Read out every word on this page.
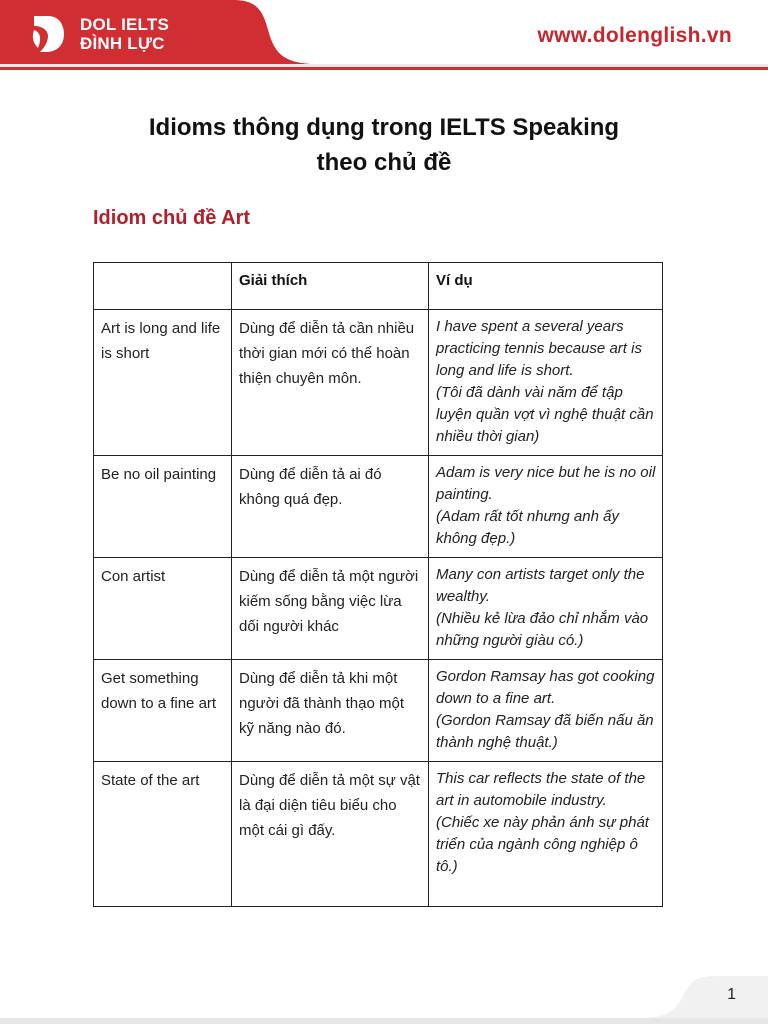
DOL IELTS
ĐÌNH LỰC	www.dolenglish.vn
Idioms thông dụng trong IELTS Speaking
theo chủ đề
Idiom chủ đề Art
	Giải thích	Ví dụ
Art is long and life is short	Dùng để diễn tả cần nhiều thời gian mới có thể hoàn thiện chuyên môn.	I have spent a several years practicing tennis because art is long and life is short.
(Tôi đã dành vài năm để tập luyện quần vợt vì nghệ thuật cần nhiều thời gian)

Be no oil painting	Dùng để diễn tả ai đó không quá đẹp.	Adam is very nice but he is no oil painting.
(Adam rất tốt nhưng anh ấy không đẹp.)

Con artist	Dùng để diễn tả một người kiếm sống bằng việc lừa dối người khác	Many con artists target only the wealthy.
(Nhiều kẻ lừa đảo chỉ nhắm vào những người giàu có.)

Get something down to a fine art	Dùng để diễn tả khi một người đã thành thạo một kỹ năng nào đó.	Gordon Ramsay has got cooking down to a fine art.
(Gordon Ramsay đã biến nấu ăn thành nghệ thuật.)

State of the art	Dùng để diễn tả một sự vật là đại diện tiêu biểu cho một cái gì đấy.	This car reflects the state of the art in automobile industry.
(Chiếc xe này phản ánh sự phát triển của ngành công nghiệp ô tô.)
1
